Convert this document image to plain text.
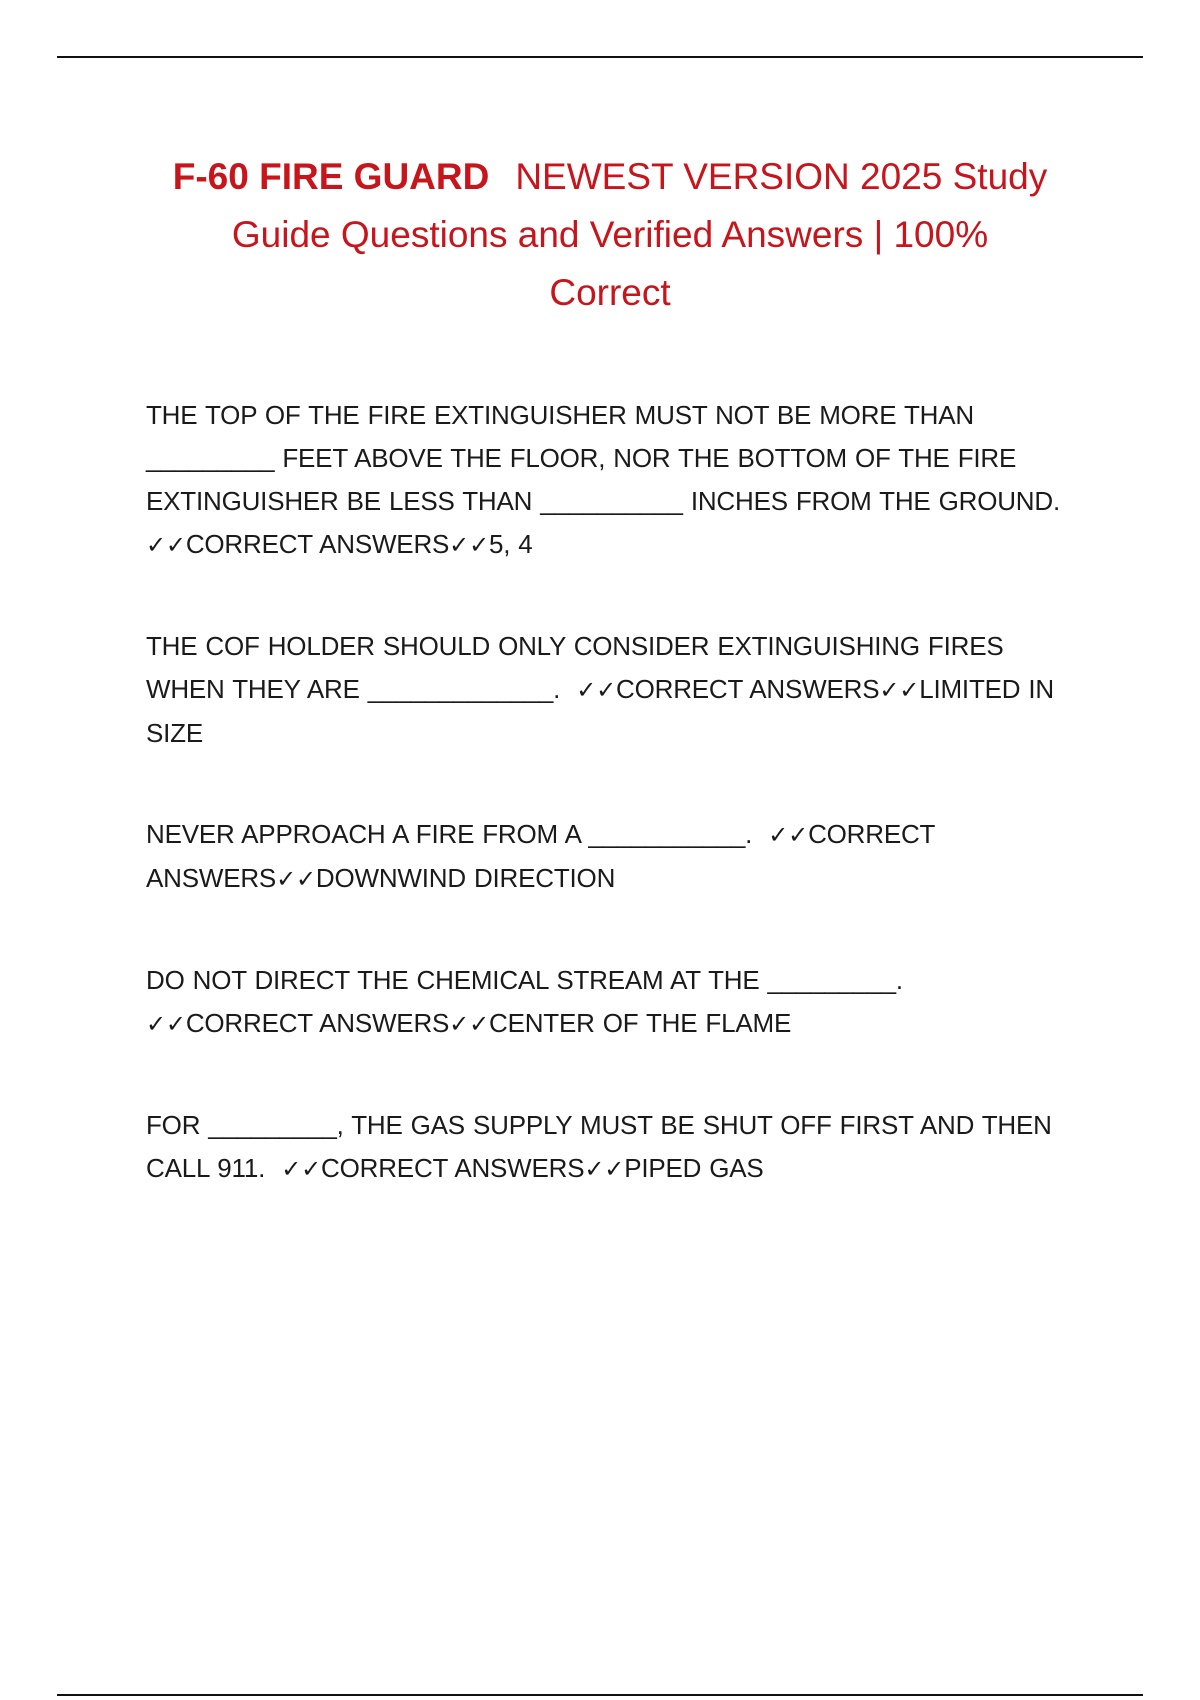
F-60 FIRE GUARD NEWEST VERSION 2025 Study
Guide Questions and Verified Answers | 100%
Correct

THE TOP OF THE FIRE EXTINGUISHER MUST NOT BE MORE THAN

_________ FEET ABOVE THE FLOOR, NOR THE BOTTOM OF THE FIRE

EXTINGUISHER BE LESS THAN __________ INCHES FROM THE GROUND.

✓✓CORRECT ANSWERS✓✓5, 4

THE COF HOLDER SHOULD ONLY CONSIDER EXTINGUISHING FIRES

WHEN THEY ARE _____________.  ✓✓CORRECT ANSWERS✓✓LIMITED IN SIZE

NEVER APPROACH A FIRE FROM A ___________.  ✓✓CORRECT ANSWERS✓✓DOWNWIND DIRECTION

DO NOT DIRECT THE CHEMICAL STREAM AT THE _________.

✓✓CORRECT ANSWERS✓✓CENTER OF THE FLAME

FOR _________, THE GAS SUPPLY MUST BE SHUT OFF FIRST AND THEN

CALL 911.  ✓✓CORRECT ANSWERS✓✓PIPED GAS
